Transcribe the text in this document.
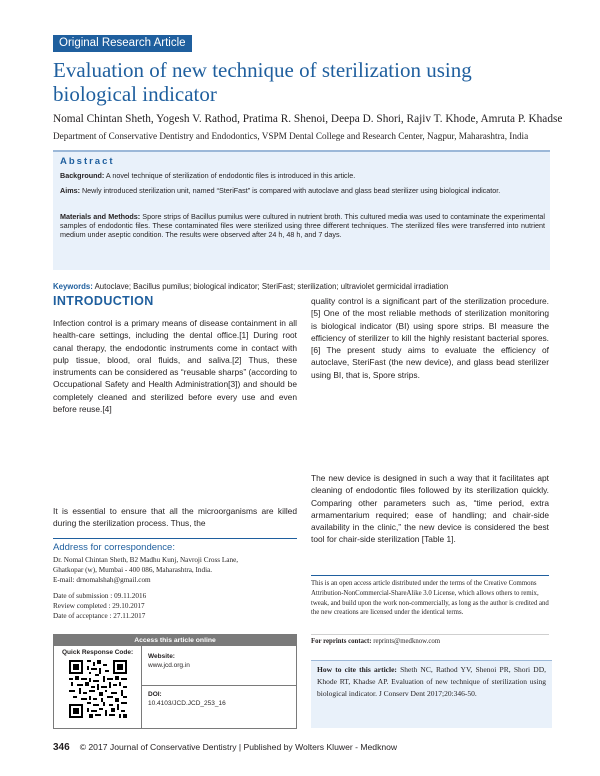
Original Research Article
Evaluation of new technique of sterilization using biological indicator
Nomal Chintan Sheth, Yogesh V. Rathod, Pratima R. Shenoi, Deepa D. Shori, Rajiv T. Khode, Amruta P. Khadse
Department of Conservative Dentistry and Endodontics, VSPM Dental College and Research Center, Nagpur, Maharashtra, India
Abstract
Background: A novel technique of sterilization of endodontic files is introduced in this article.
Aims: Newly introduced sterilization unit, named “SteriFast” is compared with autoclave and glass bead sterilizer using biological indicator.
Materials and Methods: Spore strips of Bacillus pumilus were cultured in nutrient broth. This cultured media was used to contaminate the experimental samples of endodontic files. These contaminated files were sterilized using three different techniques. The sterilized files were transferred into nutrient medium under aseptic condition. The results were observed after 24 h, 48 h, and 7 days.
Keywords: Autoclave; Bacillus pumilus; biological indicator; SteriFast; sterilization; ultraviolet germicidal irradiation
INTRODUCTION
Infection control is a primary means of disease containment in all health-care settings, including the dental office.[1] During root canal therapy, the endodontic instruments come in contact with pulp tissue, blood, oral fluids, and saliva.[2] Thus, these instruments can be considered as “reusable sharps” (according to Occupational Safety and Health Administration[3]) and should be completely cleaned and sterilized before every use and even before reuse.[4]
It is essential to ensure that all the microorganisms are killed during the sterilization process. Thus, the
quality control is a significant part of the sterilization procedure.[5] One of the most reliable methods of sterilization monitoring is biological indicator (BI) using spore strips. BI measure the efficiency of sterilizer to kill the highly resistant bacterial spores.[6] The present study aims to evaluate the efficiency of autoclave, SteriFast (the new device), and glass bead sterilizer using BI, that is, Spore strips.
The new device is designed in such a way that it facilitates apt cleaning of endodontic files followed by its sterilization quickly. Comparing other parameters such as, “time period, extra armamentarium required; ease of handling; and chair-side availability in the clinic,” the new device is considered the best tool for chair-side sterilization [Table 1].
Address for correspondence:
Dr. Nomal Chintan Sheth, B2 Madhu Kunj, Navroji Cross Lane,
Ghatkopar (w), Mumbai - 400 086, Maharashtra, India.
E-mail: drnomalshah@gmail.com
Date of submission : 09.11.2016
Review completed : 29.10.2017
Date of acceptance : 27.11.2017
Access this article online
Quick Response Code:
Website:
www.jcd.org.in
DOI:
10.4103/JCD.JCD_253_16
This is an open access article distributed under the terms of the Creative Commons Attribution-NonCommercial-ShareAlike 3.0 License, which allows others to remix, tweak, and build upon the work non-commercially, as long as the author is credited and the new creations are licensed under the identical terms.
For reprints contact: reprints@medknow.com
How to cite this article: Sheth NC, Rathod YV, Shenoi PR, Shori DD, Khode RT, Khadse AP. Evaluation of new technique of sterilization using biological indicator. J Conserv Dent 2017;20:346-50.
346 © 2017 Journal of Conservative Dentistry | Published by Wolters Kluwer - Medknow
